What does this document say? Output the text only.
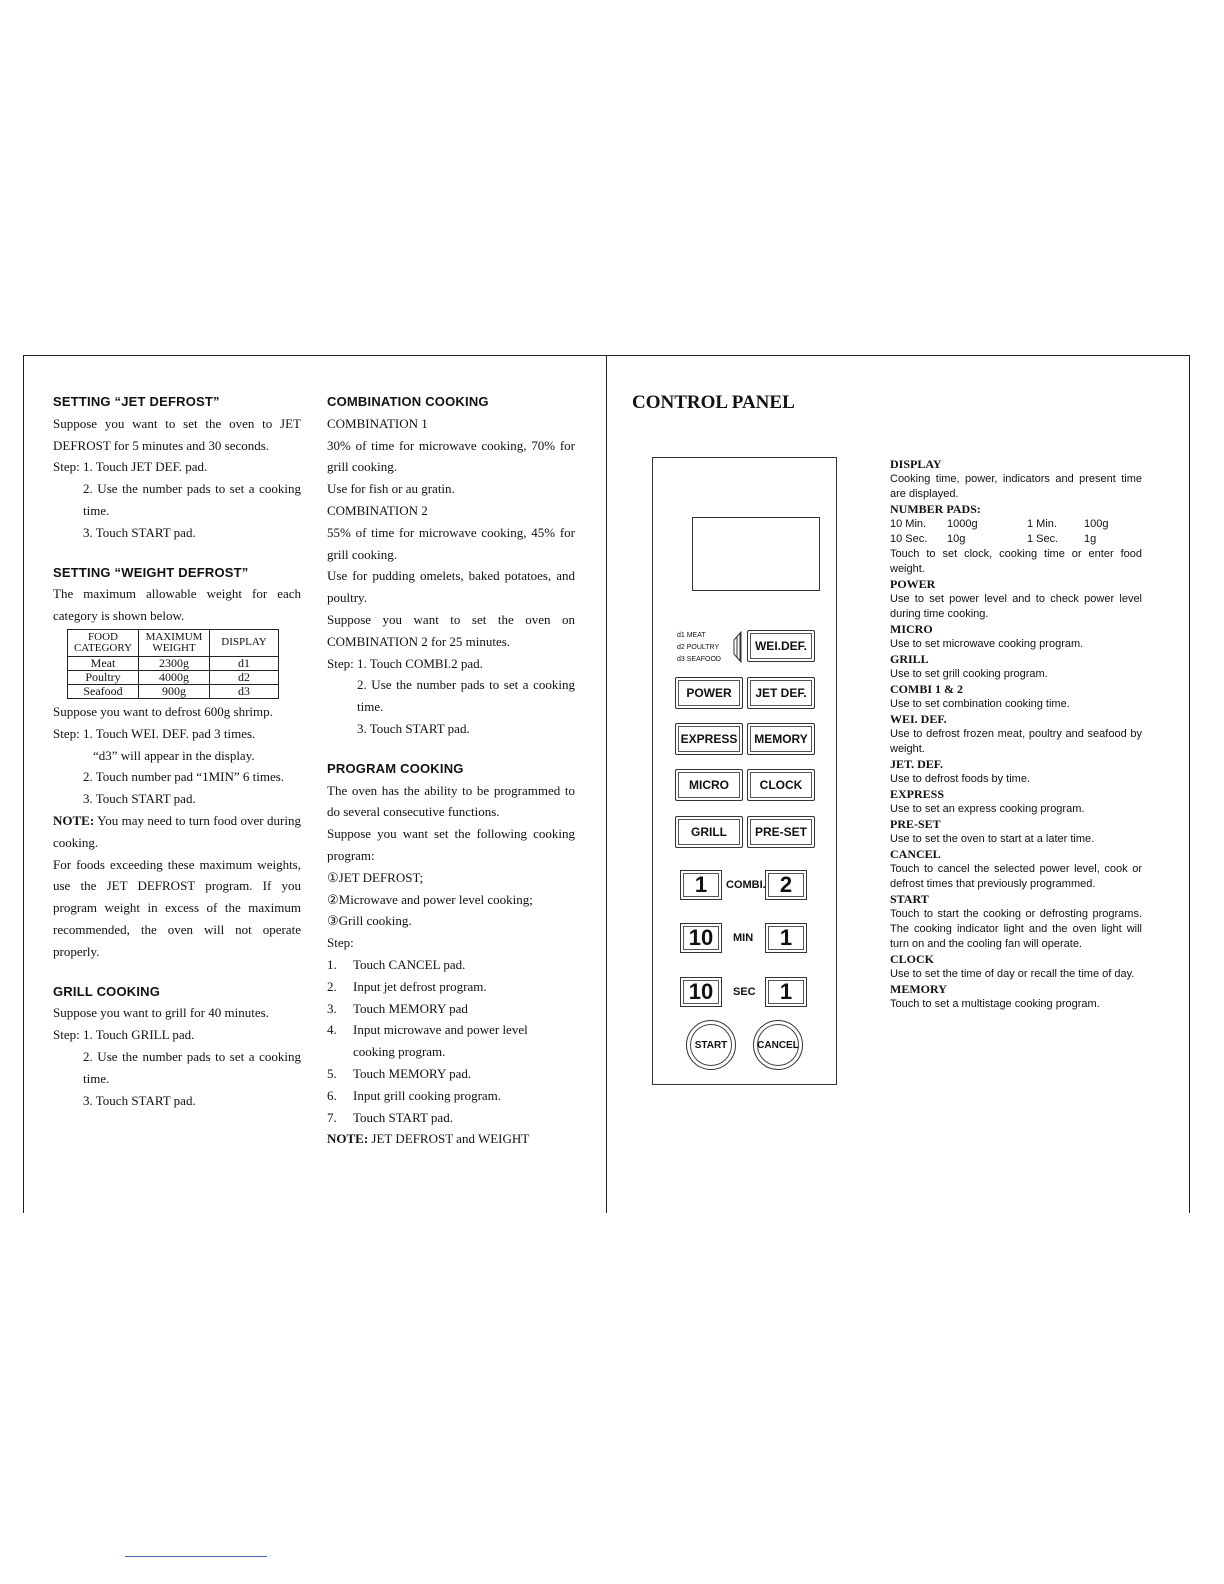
SETTING “JET DEFROST”

Suppose you want to set the oven to JET DEFROST for 5 minutes and 30 seconds.

Step: 1. Touch JET DEF. pad.

2. Use the number pads to set a cooking time.

3. Touch START pad.

SETTING “WEIGHT DEFROST”

The maximum allowable weight for each category is shown below.

FOOD CATEGORY	MAXIMUM WEIGHT	DISPLAY
Meat	2300g	d1
Poultry	4000g	d2
Seafood	900g	d3

Suppose you want to defrost 600g shrimp.

Step: 1. Touch WEI. DEF. pad 3 times.

“d3” will appear in the display.

2. Touch number pad “1MIN” 6 times.

3. Touch START pad.

NOTE: You may need to turn food over during cooking.

For foods exceeding these maximum weights, use the JET DEFROST program. If you program weight in excess of the maximum recommended, the oven will not operate properly.

GRILL COOKING

Suppose you want to grill for 40 minutes.

Step: 1. Touch GRILL pad.

2. Use the number pads to set a cooking time.

3. Touch START pad.

COMBINATION COOKING

COMBINATION 1

30% of time for microwave cooking, 70% for grill cooking.

Use for fish or au gratin.

COMBINATION 2

55% of time for microwave cooking, 45% for grill cooking.

Use for pudding omelets, baked potatoes, and poultry.

Suppose you want to set the oven on COMBINATION 2 for 25 minutes.

Step: 1. Touch COMBI.2 pad.

2. Use the number pads to set a cooking time.

3. Touch START pad.

PROGRAM COOKING

The oven has the ability to be programmed to do several consecutive functions.

Suppose you want set the following cooking program:

①JET DEFROST;

②Microwave and power level cooking;

③Grill cooking.

Step:

1.	Touch CANCEL pad.
2.	Input jet defrost program.
3.	Touch MEMORY pad
4.	Input microwave and power level cooking program.
5.	Touch MEMORY pad.
6.	Input grill cooking program.
7.	Touch START pad.

NOTE: JET DEFROST and WEIGHT

CONTROL PANEL
d1 MEAT
d2 POULTRY
d3 SEAFOOD
WEI.DEF.
POWER	JET DEF.
EXPRESS	MEMORY
MICRO	CLOCK
GRILL	PRE-SET
1	COMBI. 2
10	MIN	1
10	SEC	1
START	CANCEL
DISPLAY
Cooking time, power, indicators and present time are displayed.
NUMBER PADS:
10 Min.	1000g	1 Min.	100g
10 Sec.	10g	1 Sec.	1g
Touch to set clock, cooking time or enter food weight.
POWER
Use to set power level and to check power level during time cooking.
MICRO
Use to set microwave cooking program.
GRILL
Use to set grill cooking program.
COMBI 1 & 2
Use to set combination cooking time.
WEI. DEF.
Use to defrost frozen meat, poultry and seafood by weight.
JET. DEF.
Use to defrost foods by time.
EXPRESS
Use to set an express cooking program.
PRE-SET
Use to set the oven to start at a later time.
CANCEL
Touch to cancel the selected power level, cook or defrost times that previously programmed.
START
Touch to start the cooking or defrosting programs. The cooking indicator light and the oven light will turn on and the cooling fan will operate.
CLOCK
Use to set the time of day or recall the time of day.
MEMORY
Touch to set a multistage cooking program.
